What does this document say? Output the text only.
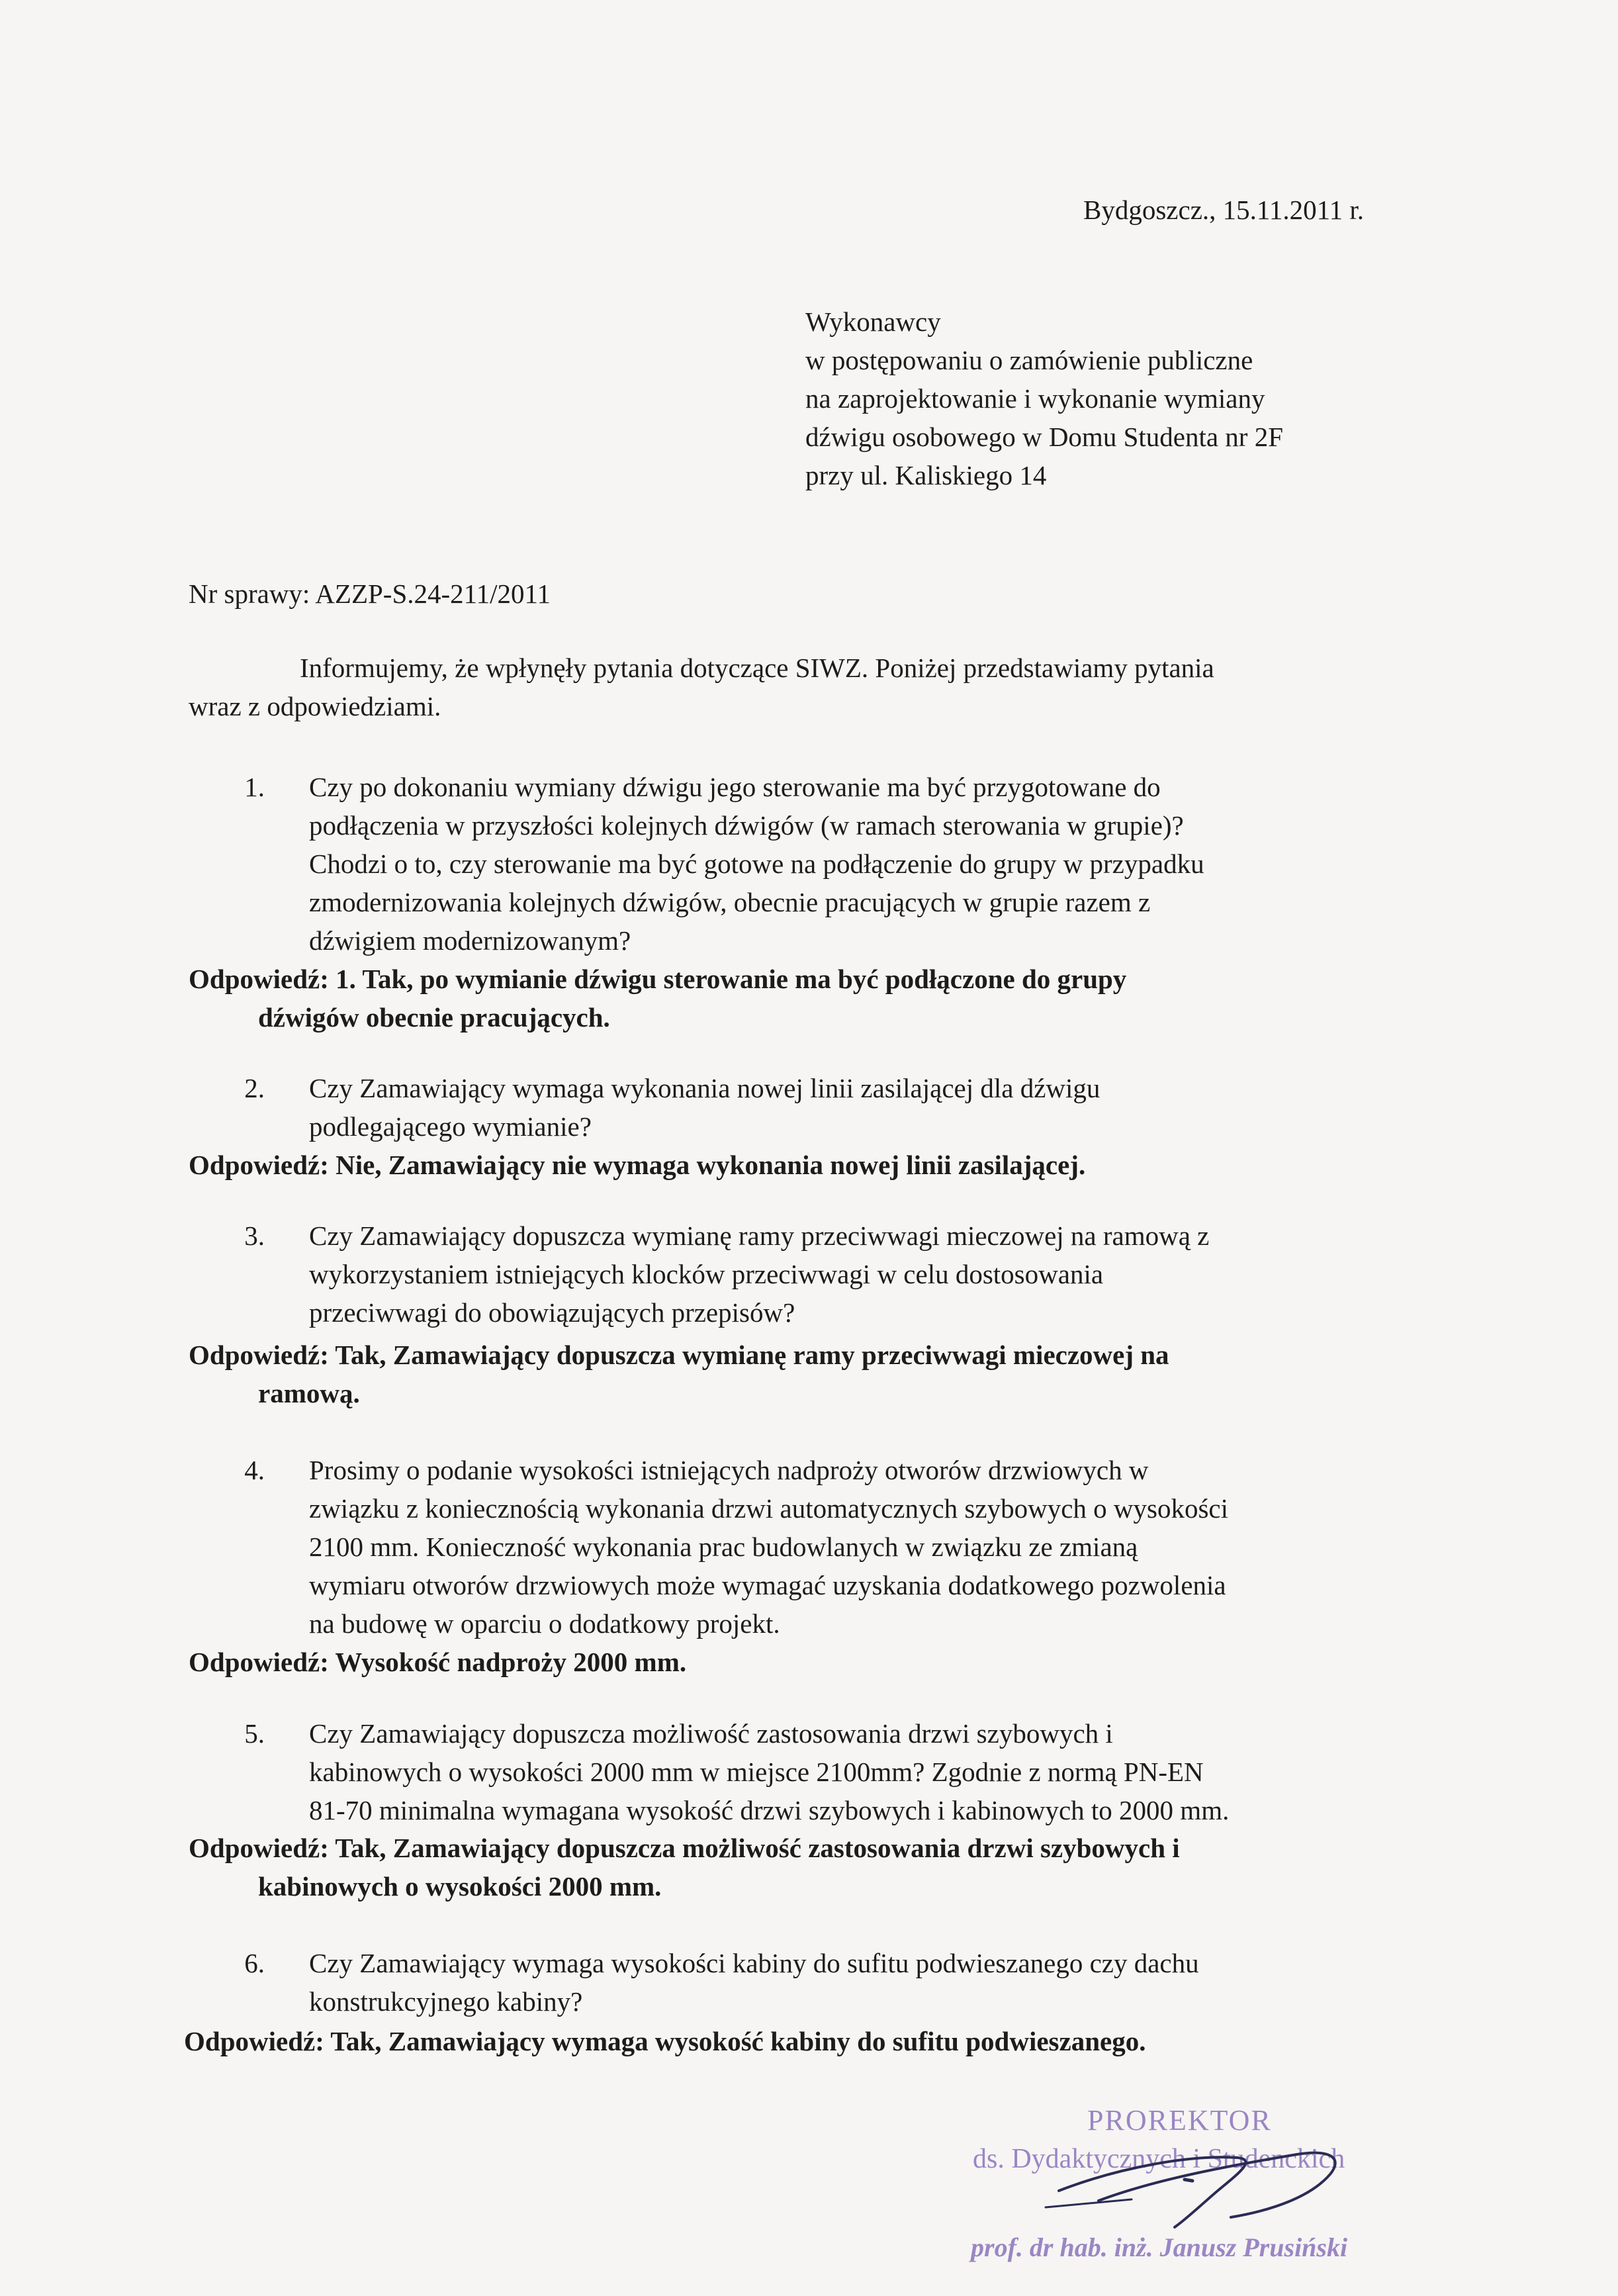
Bydgoszcz., 15.11.2011 r.
Wykonawcy
w postępowaniu o zamówienie publiczne
na zaprojektowanie i wykonanie wymiany
dźwigu osobowego w Domu Studenta nr 2F
przy ul. Kaliskiego 14
Nr sprawy: AZZP-S.24-211/2011
Informujemy, że wpłynęły pytania dotyczące SIWZ. Poniżej przedstawiamy pytania
wraz z odpowiedziami.
1. Czy po dokonaniu wymiany dźwigu jego sterowanie ma być przygotowane do
podłączenia w przyszłości kolejnych dźwigów (w ramach sterowania w grupie)?
Chodzi o to, czy sterowanie ma być gotowe na podłączenie do grupy w przypadku
zmodernizowania kolejnych dźwigów, obecnie pracujących w grupie razem z
dźwigiem modernizowanym?
Odpowiedź: 1. Tak, po wymianie dźwigu sterowanie ma być podłączone do grupy
dźwigów obecnie pracujących.
2. Czy Zamawiający wymaga wykonania nowej linii zasilającej dla dźwigu
podlegającego wymianie?
Odpowiedź: Nie, Zamawiający nie wymaga wykonania nowej linii zasilającej.
3. Czy Zamawiający dopuszcza wymianę ramy przeciwwagi mieczowej na ramową z
wykorzystaniem istniejących klocków przeciwwagi w celu dostosowania
przeciwwagi do obowiązujących przepisów?
Odpowiedź: Tak, Zamawiający dopuszcza wymianę ramy przeciwwagi mieczowej na
ramową.
4. Prosimy o podanie wysokości istniejących nadproży otworów drzwiowych w
związku z koniecznością wykonania drzwi automatycznych szybowych o wysokości
2100 mm. Konieczność wykonania prac budowlanych w związku ze zmianą
wymiaru otworów drzwiowych może wymagać uzyskania dodatkowego pozwolenia
na budowę w oparciu o dodatkowy projekt.
Odpowiedź: Wysokość nadproży 2000 mm.
5. Czy Zamawiający dopuszcza możliwość zastosowania drzwi szybowych i
kabinowych o wysokości 2000 mm w miejsce 2100mm? Zgodnie z normą PN-EN
81-70 minimalna wymagana wysokość drzwi szybowych i kabinowych to 2000 mm.
Odpowiedź: Tak, Zamawiający dopuszcza możliwość zastosowania drzwi szybowych i
kabinowych o wysokości 2000 mm.
6. Czy Zamawiający wymaga wysokości kabiny do sufitu podwieszanego czy dachu
konstrukcyjnego kabiny?
Odpowiedź: Tak, Zamawiający wymaga wysokość kabiny do sufitu podwieszanego.
PROREKTOR
ds. Dydaktycznych i Studenckich
prof. dr hab. inż. Janusz Prusiński
